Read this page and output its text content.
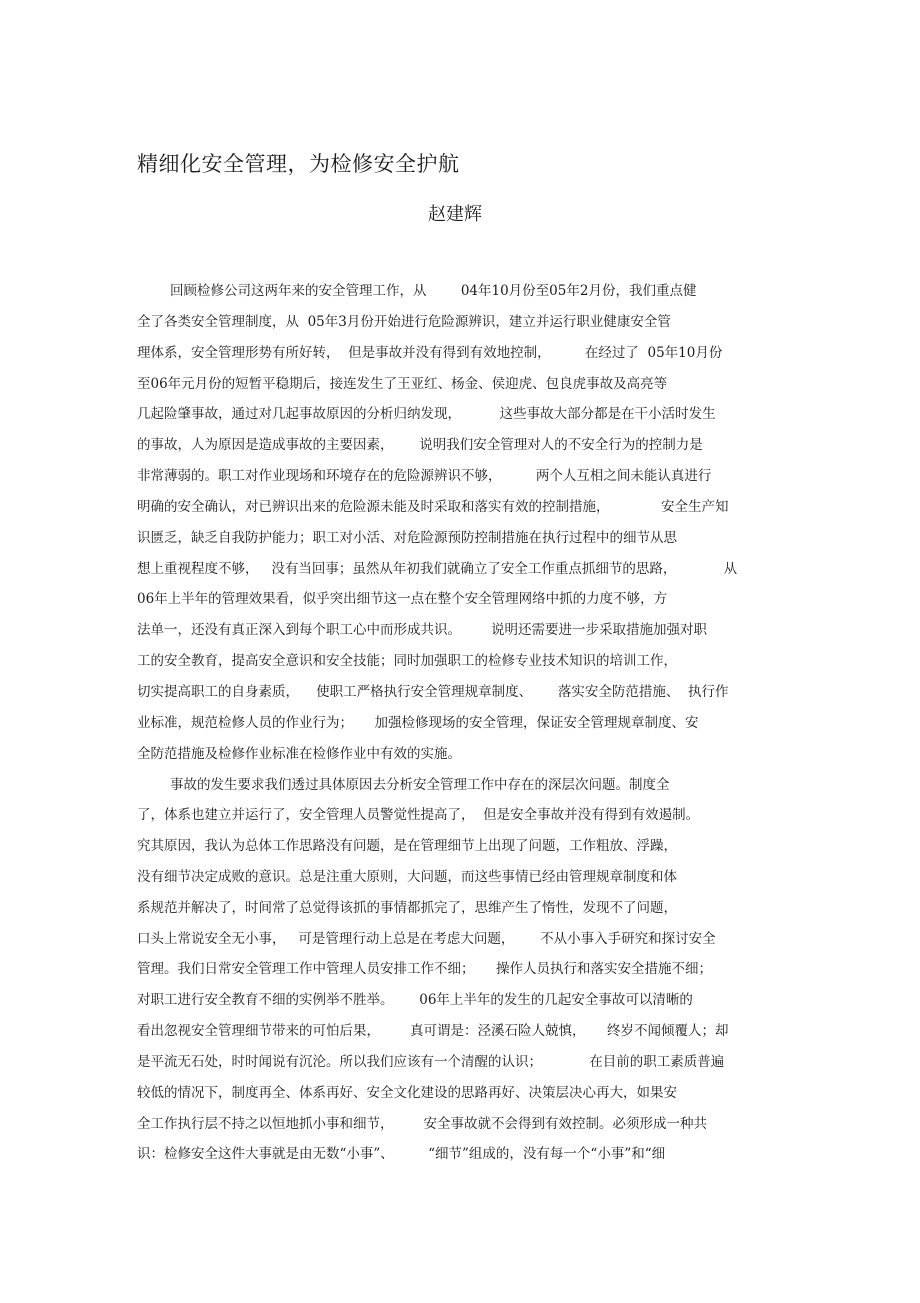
精细化安全管理，为检修安全护航
赵建辉
回顾检修公司这两年来的安全管理工作，从        04年10月份至05年2月份，我们重点健
全了各类安全管理制度，从  05年3月份开始进行危险源辨识，建立并运行职业健康安全管
理体系，安全管理形势有所好转，  但是事故并没有得到有效地控制，        在经过了  05年10月份
至06年元月份的短暂平稳期后，接连发生了王亚红、杨金、侯迎虎、包良虎事故及高亮等
几起险肇事故，通过对几起事故原因的分析归纳发现，         这些事故大部分都是在干小活时发生
的事故，人为原因是造成事故的主要因素，      说明我们安全管理对人的不安全行为的控制力是
非常薄弱的。职工对作业现场和环境存在的危险源辨识不够，        两个人互相之间未能认真进行
明确的安全确认，对已辨识出来的危险源未能及时采取和落实有效的控制措施，            安全生产知
识匮乏，缺乏自我防护能力；职工对小活、对危险源预防控制措施在执行过程中的细节从思
想上重视程度不够，   没有当回事；虽然从年初我们就确立了安全工作重点抓细节的思路，           从
06年上半年的管理效果看，似乎突出细节这一点在整个安全管理网络中抓的力度不够，方
法单一，还没有真正深入到每个职工心中而形成共识。       说明还需要进一步采取措施加强对职
工的安全教育，提高安全意识和安全技能；同时加强职工的检修专业技术知识的培训工作，
切实提高职工的自身素质，    使职工严格执行安全管理规章制度、      落实安全防范措施、  执行作
业标准，规范检修人员的作业行为；     加强检修现场的安全管理，保证安全管理规章制度、安
全防范措施及检修作业标准在检修作业中有效的实施。
事故的发生要求我们透过具体原因去分析安全管理工作中存在的深层次问题。制度全
了，体系也建立并运行了，安全管理人员警觉性提高了，  但是安全事故并没有得到有效遏制。
究其原因，我认为总体工作思路没有问题，是在管理细节上出现了问题，工作粗放、浮躁，
没有细节决定成败的意识。总是注重大原则，大问题，而这些事情已经由管理规章制度和体
系规范并解决了，时间常了总觉得该抓的事情都抓完了，思维产生了惰性，发现不了问题，
口头上常说安全无小事，   可是管理行动上总是在考虑大问题，      不从小事入手研究和探讨安全
管理。我们日常安全管理工作中管理人员安排工作不细；     操作人员执行和落实安全措施不细；
对职工进行安全教育不细的实例举不胜举。      06年上半年的发生的几起安全事故可以清晰的
看出忽视安全管理细节带来的可怕后果，       真可谓是：泾溪石险人兢慎，     终岁不闻倾覆人；却
是平流无石处，时时闻说有沉沦。所以我们应该有一个清醒的认识；           在目前的职工素质普遍
较低的情况下，制度再全、体系再好、安全文化建设的思路再好、决策层决心再大，如果安
全工作执行层不持之以恒地抓小事和细节，       安全事故就不会得到有效控制。必须形成一种共
识：检修安全这件大事就是由无数“小事”、        “细节”组成的，没有每一个“小事”和“细
